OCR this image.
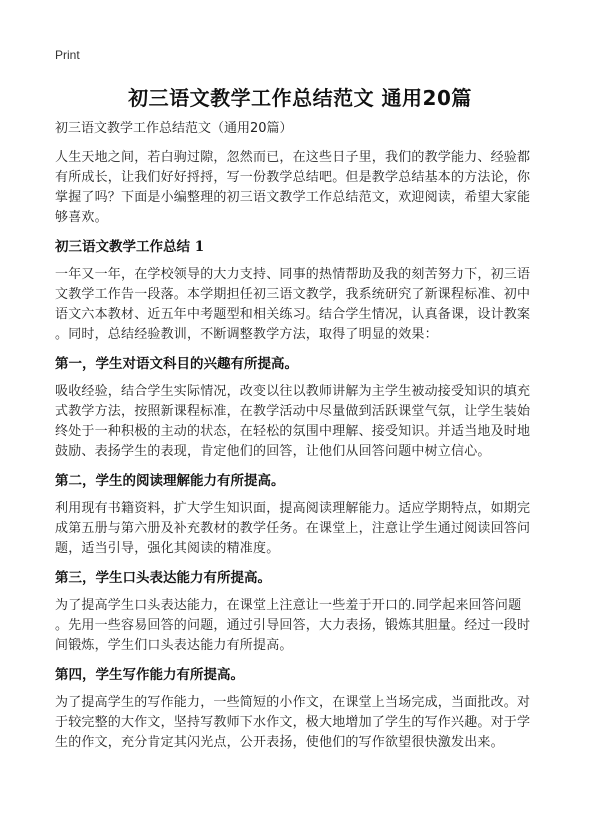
Print
初三语文教学工作总结范文 通用20篇
初三语文教学工作总结范文（通用20篇）
人生天地之间，若白驹过隙，忽然而已，在这些日子里，我们的教学能力、经验都
有所成长，让我们好好捋捋，写一份教学总结吧。但是教学总结基本的方法论，你
掌握了吗？下面是小编整理的初三语文教学工作总结范文，欢迎阅读，希望大家能
够喜欢。
初三语文教学工作总结 1
一年又一年，在学校领导的大力支持、同事的热情帮助及我的刻苦努力下，初三语
文教学工作告一段落。本学期担任初三语文教学，我系统研究了新课程标准、初中
语文六本教材、近五年中考题型和相关练习。结合学生情况，认真备课，设计教案
。同时，总结经验教训，不断调整教学方法，取得了明显的效果：
第一，学生对语文科目的兴趣有所提高。
吸收经验，结合学生实际情况，改变以往以教师讲解为主学生被动接受知识的填充
式教学方法，按照新课程标准，在教学活动中尽量做到活跃课堂气氛，让学生装始
终处于一种积极的主动的状态，在轻松的氛围中理解、接受知识。并适当地及时地
鼓励、表扬学生的表现，肯定他们的回答，让他们从回答问题中树立信心。
第二，学生的阅读理解能力有所提高。
利用现有书籍资料，扩大学生知识面，提高阅读理解能力。适应学期特点，如期完
成第五册与第六册及补充教材的教学任务。在课堂上，注意让学生通过阅读回答问
题，适当引导，强化其阅读的精准度。
第三，学生口头表达能力有所提高。
为了提高学生口头表达能力，在课堂上注意让一些羞于开口的.同学起来回答问题
。先用一些容易回答的问题，通过引导回答，大力表扬，锻炼其胆量。经过一段时
间锻炼，学生们口头表达能力有所提高。
第四，学生写作能力有所提高。
为了提高学生的写作能力，一些简短的小作文，在课堂上当场完成，当面批改。对
于较完整的大作文，坚持写教师下水作文，极大地增加了学生的写作兴趣。对于学
生的作文，充分肯定其闪光点，公开表扬，使他们的写作欲望很快激发出来。
